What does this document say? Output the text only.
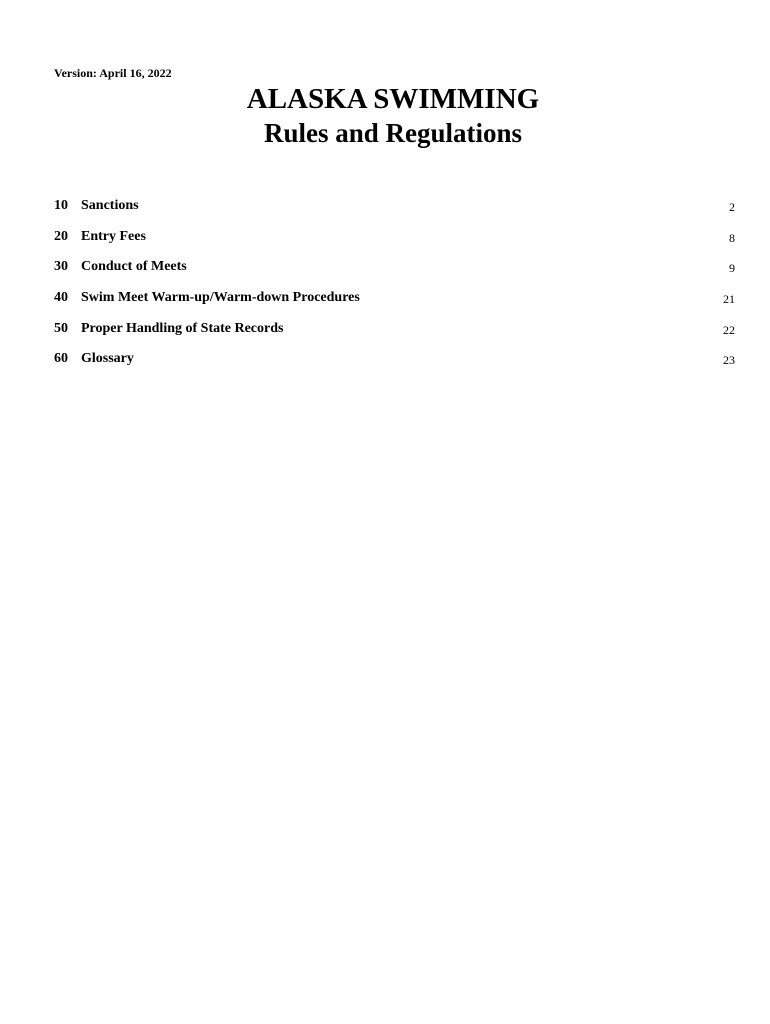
Version: April 16, 2022
ALASKA SWIMMING
Rules and Regulations
10 Sanctions	2
20 Entry Fees	8
30 Conduct of Meets	9
40 Swim Meet Warm-up/Warm-down Procedures	21
50 Proper Handling of State Records	22
60 Glossary	23
